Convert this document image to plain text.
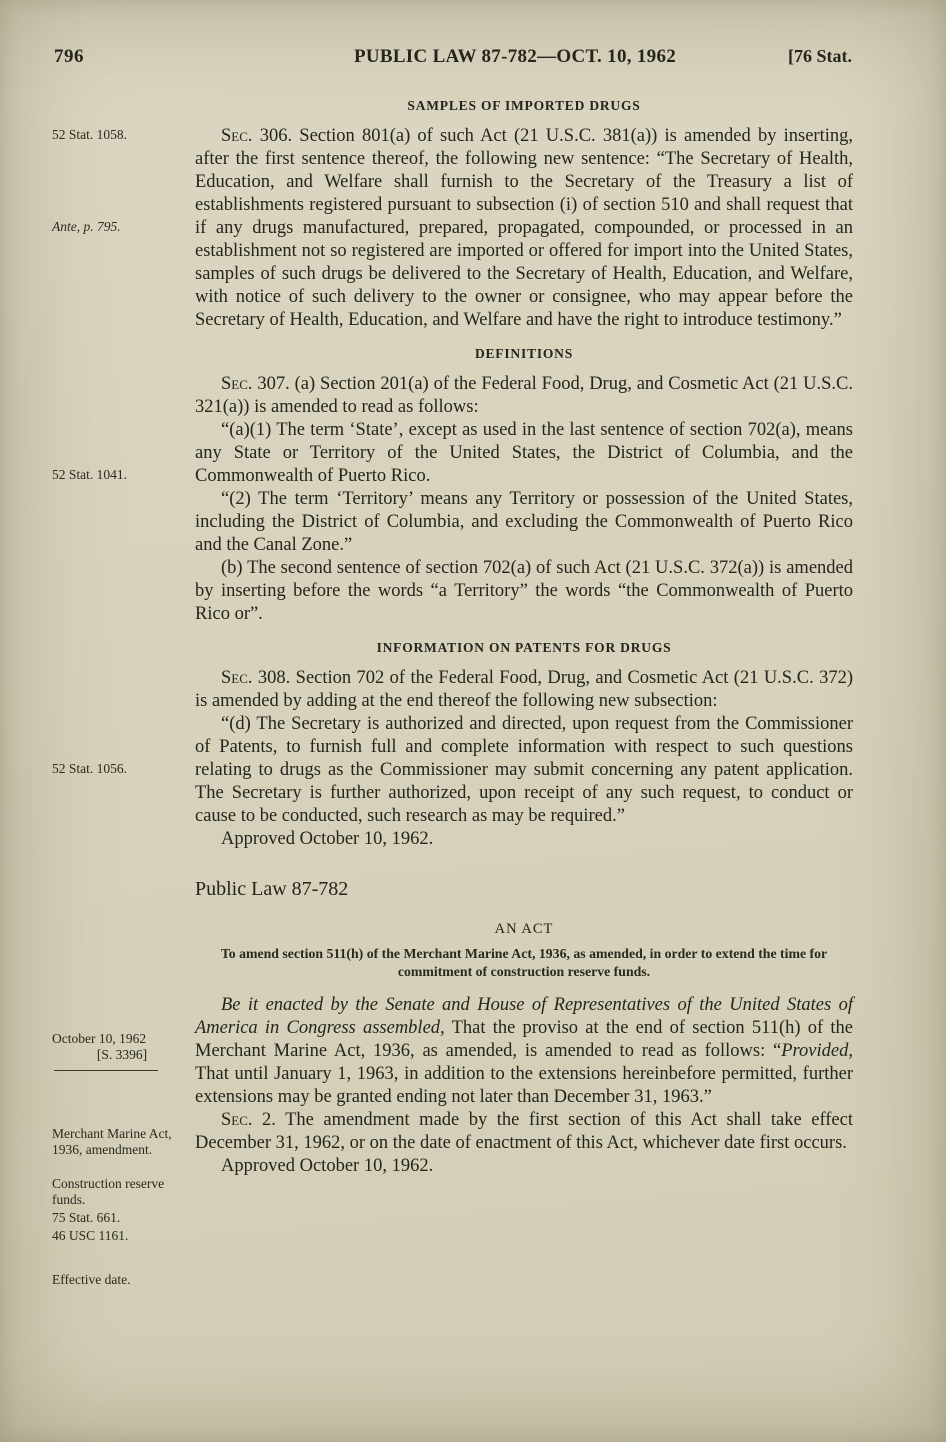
796	PUBLIC LAW 87-782—OCT. 10, 1962	[76 Stat.
52 Stat. 1058.
Ante, p. 795.
52 Stat. 1041.
52 Stat. 1056.
October 10, 1962
[S. 3396]
Merchant Marine Act, 1936, amendment.
Construction reserve funds.
75 Stat. 661.
46 USC 1161.
Effective date.
SAMPLES OF IMPORTED DRUGS

Sec. 306. Section 801(a) of such Act (21 U.S.C. 381(a)) is amended by inserting, after the first sentence thereof, the following new sentence: “The Secretary of Health, Education, and Welfare shall furnish to the Secretary of the Treasury a list of establishments registered pursuant to subsection (i) of section 510 and shall request that if any drugs manufactured, prepared, propagated, compounded, or processed in an establishment not so registered are imported or offered for import into the United States, samples of such drugs be delivered to the Secretary of Health, Education, and Welfare, with notice of such delivery to the owner or consignee, who may appear before the Secretary of Health, Education, and Welfare and have the right to introduce testimony.”

DEFINITIONS

Sec. 307. (a) Section 201(a) of the Federal Food, Drug, and Cosmetic Act (21 U.S.C. 321(a)) is amended to read as follows:

“(a)(1) The term ‘State’, except as used in the last sentence of section 702(a), means any State or Territory of the United States, the District of Columbia, and the Commonwealth of Puerto Rico.

“(2) The term ‘Territory’ means any Territory or possession of the United States, including the District of Columbia, and excluding the Commonwealth of Puerto Rico and the Canal Zone.”

(b) The second sentence of section 702(a) of such Act (21 U.S.C. 372(a)) is amended by inserting before the words “a Territory” the words “the Commonwealth of Puerto Rico or”.

INFORMATION ON PATENTS FOR DRUGS

Sec. 308. Section 702 of the Federal Food, Drug, and Cosmetic Act (21 U.S.C. 372) is amended by adding at the end thereof the following new subsection:

“(d) The Secretary is authorized and directed, upon request from the Commissioner of Patents, to furnish full and complete information with respect to such questions relating to drugs as the Commissioner may submit concerning any patent application. The Secretary is further authorized, upon receipt of any such request, to conduct or cause to be conducted, such research as may be required.”

Approved October 10, 1962.

Public Law 87-782
AN ACT
To amend section 511(h) of the Merchant Marine Act, 1936, as amended, in order to extend the time for commitment of construction reserve funds.

Be it enacted by the Senate and House of Representatives of the United States of America in Congress assembled, That the proviso at the end of section 511(h) of the Merchant Marine Act, 1936, as amended, is amended to read as follows: “Provided, That until January 1, 1963, in addition to the extensions hereinbefore permitted, further extensions may be granted ending not later than December 31, 1963.”

Sec. 2. The amendment made by the first section of this Act shall take effect December 31, 1962, or on the date of enactment of this Act, whichever date first occurs.

Approved October 10, 1962.
